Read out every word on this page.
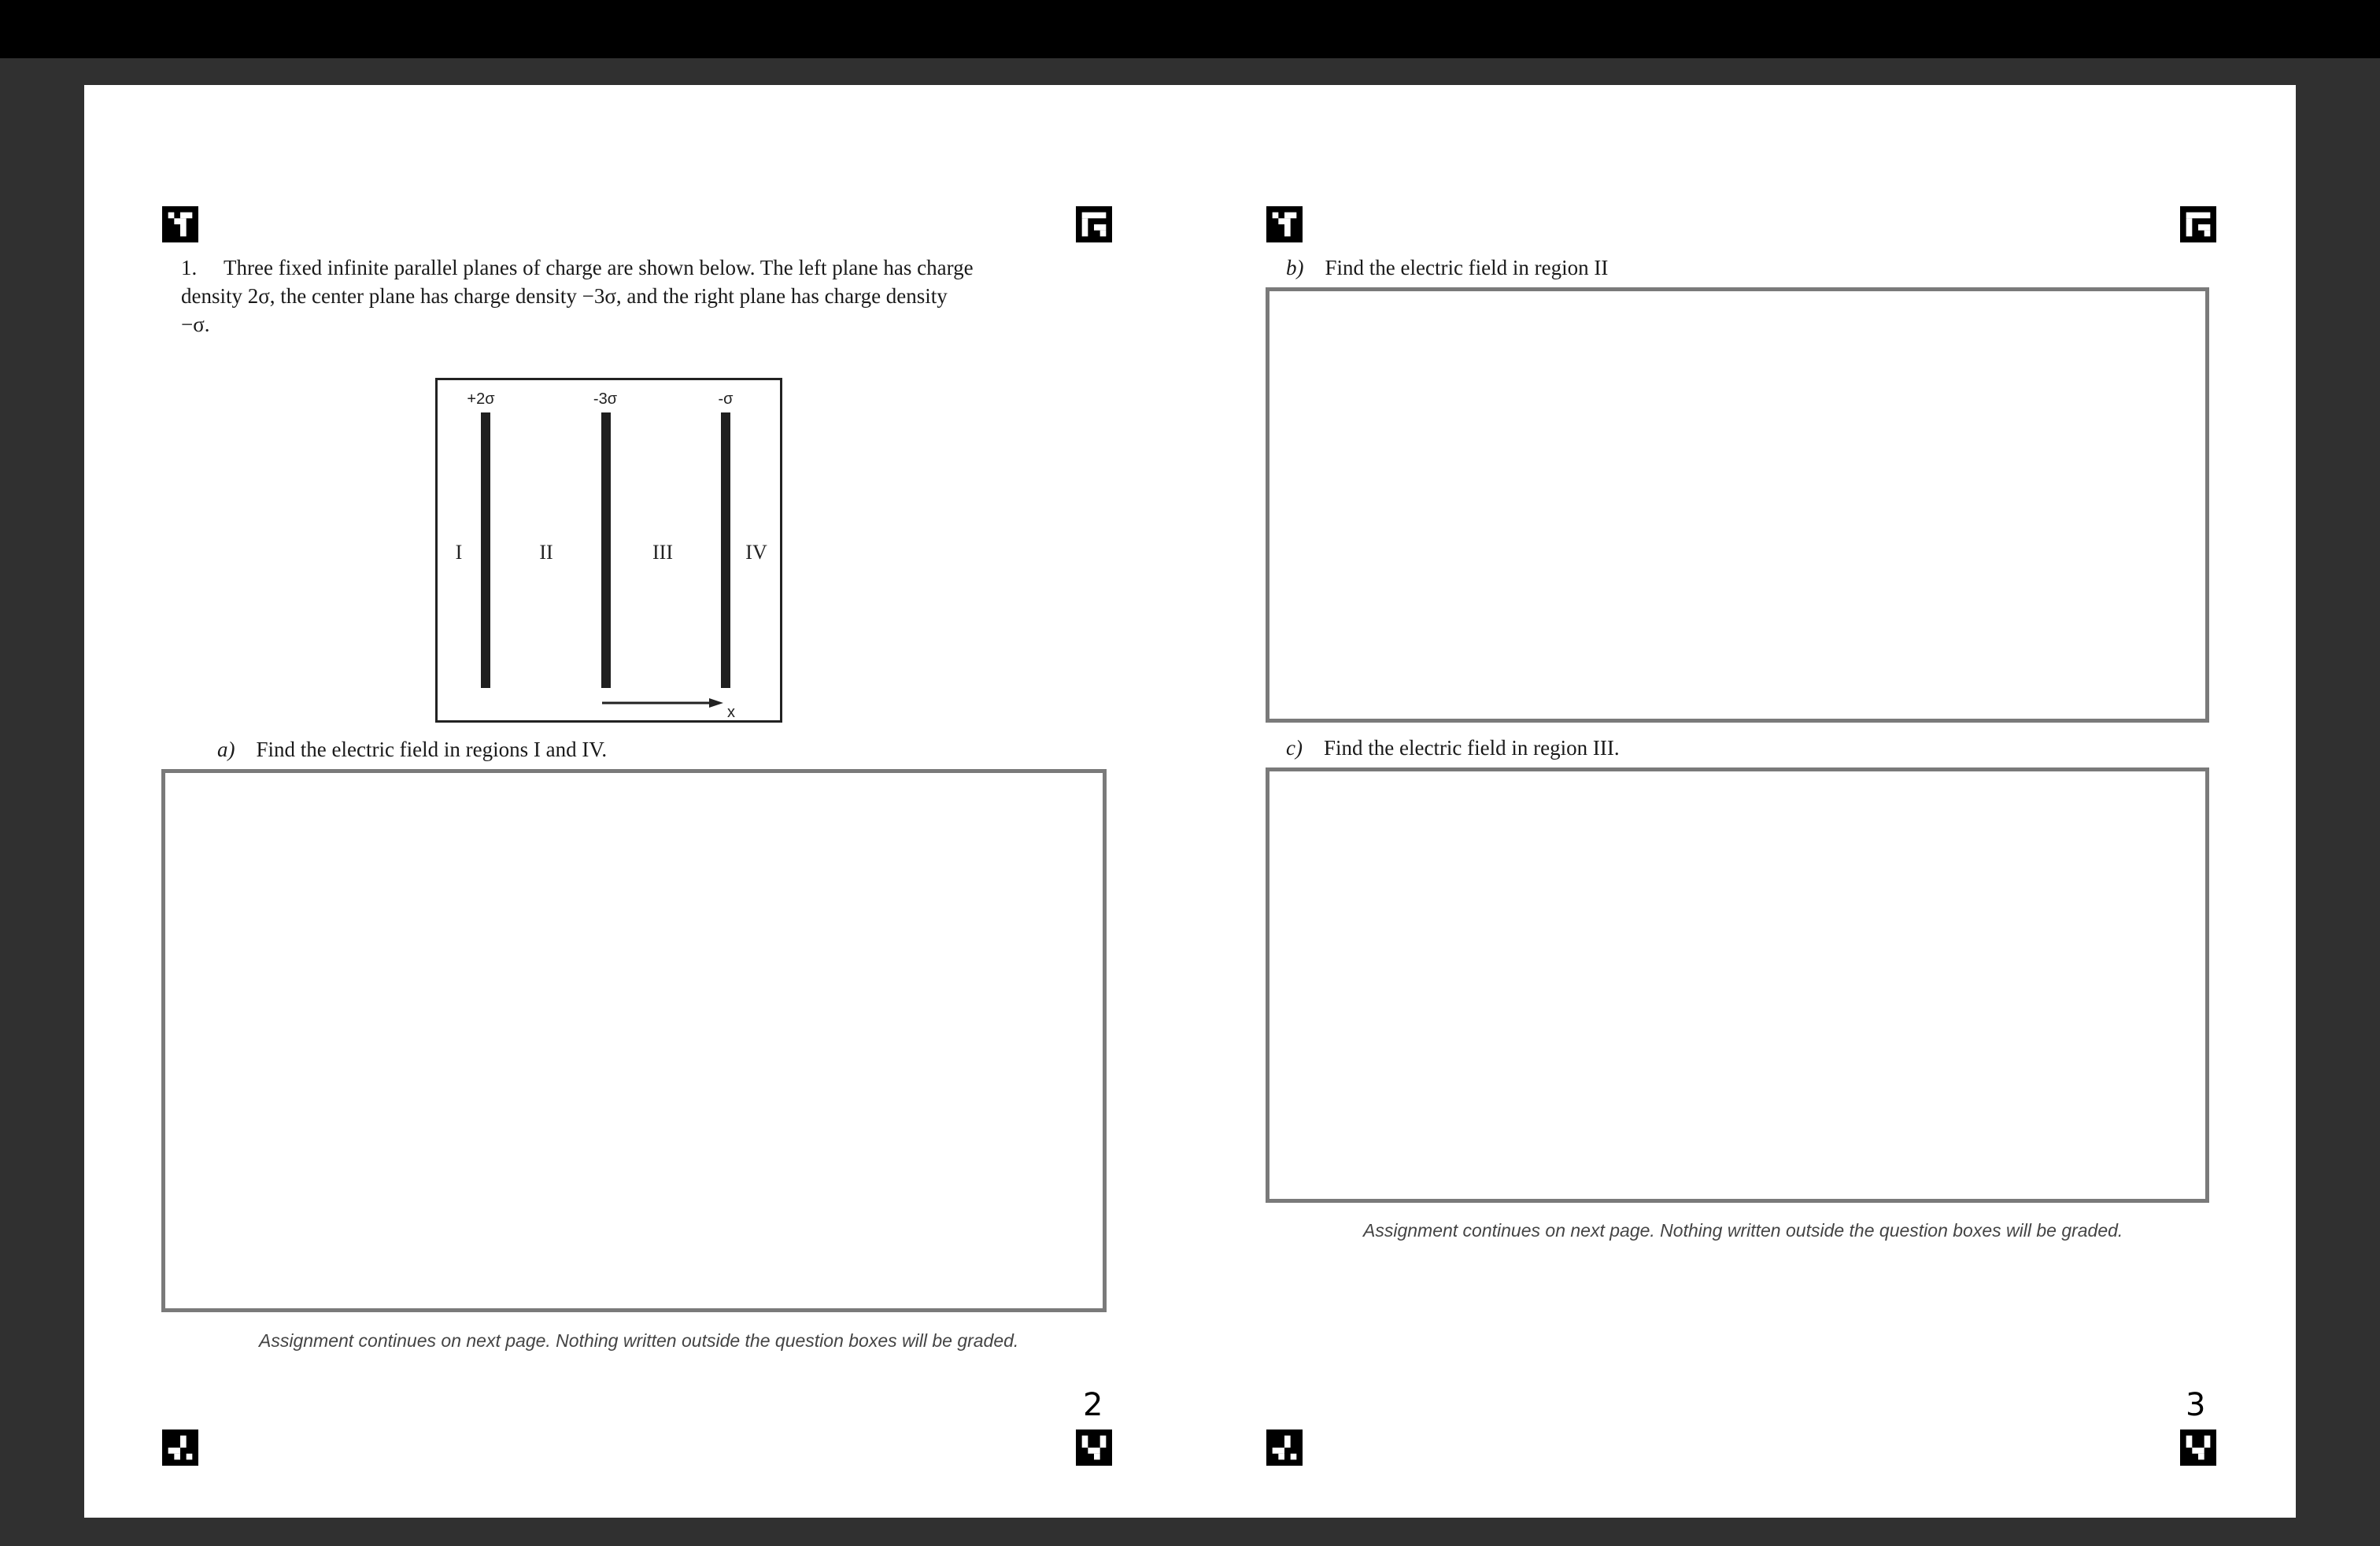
1. Three fixed infinite parallel planes of charge are shown below. The left plane has charge
density 2σ, the center plane has charge density −3σ, and the right plane has charge density
−σ.
+2σ	-3σ	-σ
I	II	III	IV
x
a) Find the electric field in regions I and IV.
Assignment continues on next page. Nothing written outside the question boxes will be graded.
2
b) Find the electric field in region II
c) Find the electric field in region III.
Assignment continues on next page. Nothing written outside the question boxes will be graded.
3
